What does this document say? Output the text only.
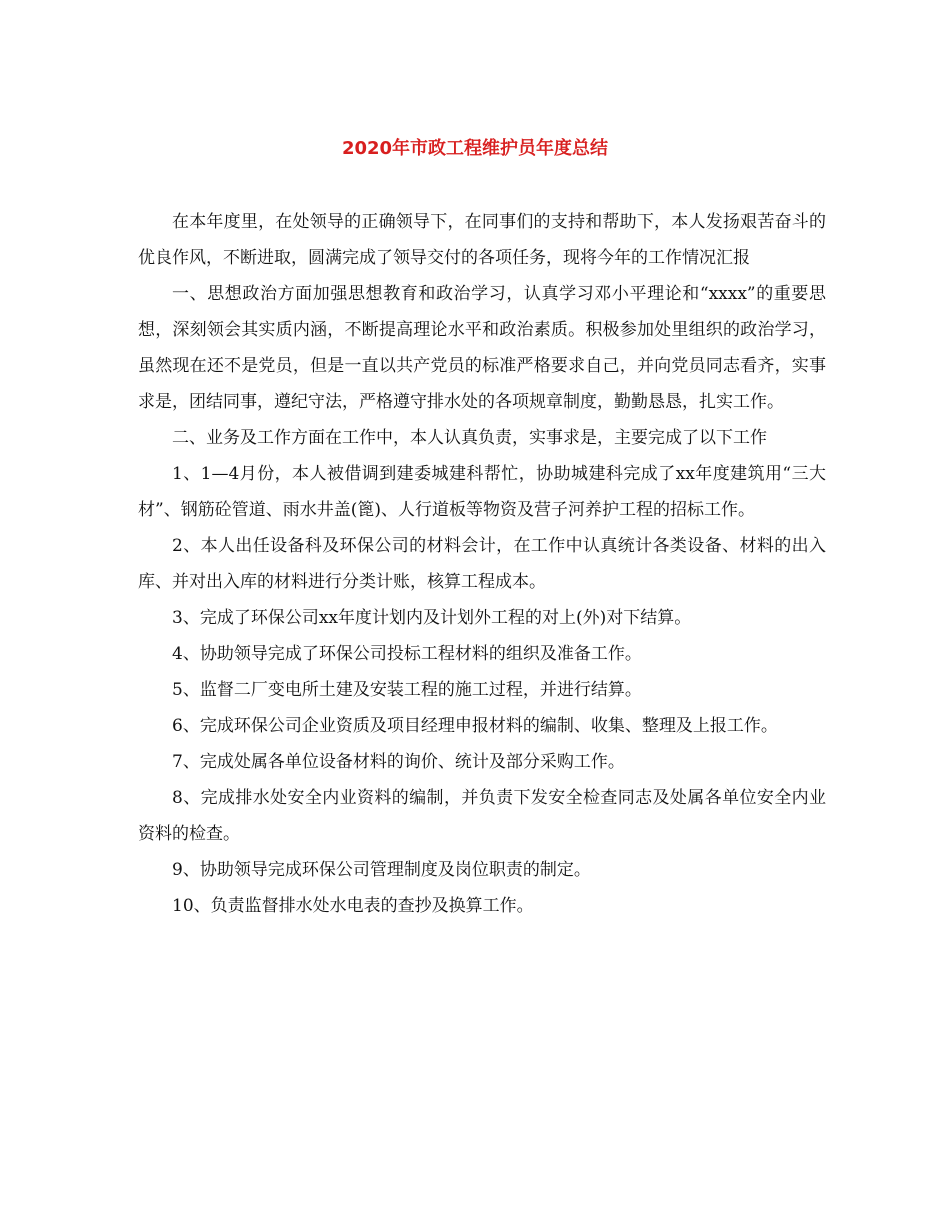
2020年市政工程维护员年度总结

在本年度里，在处领导的正确领导下，在同事们的支持和帮助下，本人发扬艰苦奋斗的优良作风，不断进取，圆满完成了领导交付的各项任务，现将今年的工作情况汇报

一、思想政治方面加强思想教育和政治学习，认真学习邓小平理论和“xxxx”的重要思想，深刻领会其实质内涵，不断提高理论水平和政治素质。积极参加处里组织的政治学习，虽然现在还不是党员，但是一直以共产党员的标准严格要求自己，并向党员同志看齐，实事求是，团结同事，遵纪守法，严格遵守排水处的各项规章制度，勤勤恳恳，扎实工作。

二、业务及工作方面在工作中，本人认真负责，实事求是，主要完成了以下工作

1、1—4月份，本人被借调到建委城建科帮忙，协助城建科完成了xx年度建筑用“三大材”、钢筋砼管道、雨水井盖(篦)、人行道板等物资及营子河养护工程的招标工作。

2、本人出任设备科及环保公司的材料会计，在工作中认真统计各类设备、材料的出入库、并对出入库的材料进行分类计账，核算工程成本。

3、完成了环保公司xx年度计划内及计划外工程的对上(外)对下结算。

4、协助领导完成了环保公司投标工程材料的组织及准备工作。

5、监督二厂变电所土建及安装工程的施工过程，并进行结算。

6、完成环保公司企业资质及项目经理申报材料的编制、收集、整理及上报工作。

7、完成处属各单位设备材料的询价、统计及部分采购工作。

8、完成排水处安全内业资料的编制，并负责下发安全检查同志及处属各单位安全内业资料的检查。

9、协助领导完成环保公司管理制度及岗位职责的制定。

10、负责监督排水处水电表的查抄及换算工作。
